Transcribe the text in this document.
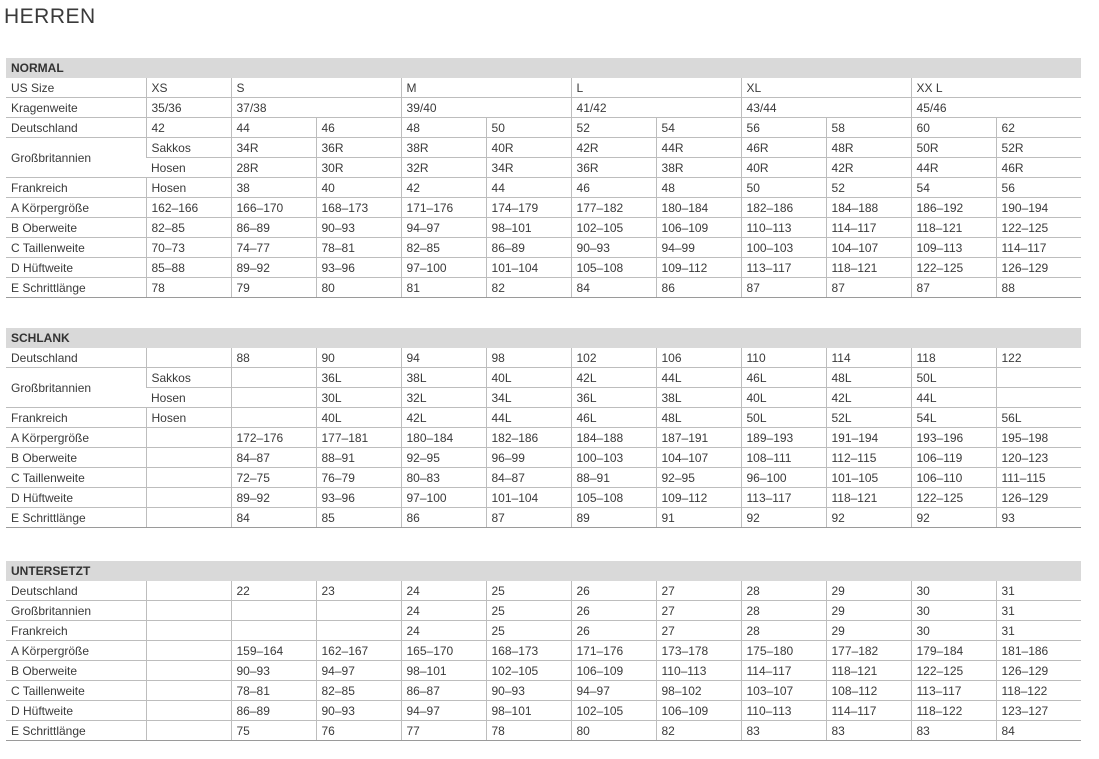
HERREN
NORMAL
US Size	XS	S		M		L		XL		XX L	
Kragenweite	35/36	37/38		39/40		41/42		43/44		45/46	
Deutschland	42	44	46	48	50	52	54	56	58	60	62
Großbritannien	Sakkos	34R	36R	38R	40R	42R	44R	46R	48R	50R	52R
	Hosen	28R	30R	32R	34R	36R	38R	40R	42R	44R	46R
Frankreich	Hosen	38	40	42	44	46	48	50	52	54	56
A Körpergröße	162–166	166–170	168–173	171–176	174–179	177–182	180–184	182–186	184–188	186–192	190–194
B Oberweite	82–85	86–89	90–93	94–97	98–101	102–105	106–109	110–113	114–117	118–121	122–125
C Taillenweite	70–73	74–77	78–81	82–85	86–89	90–93	94–99	100–103	104–107	109–113	114–117
D Hüftweite	85–88	89–92	93–96	97–100	101–104	105–108	109–112	113–117	118–121	122–125	126–129
E Schrittlänge	78	79	80	81	82	84	86	87	87	87	88
SCHLANK
Deutschland		88	90	94	98	102	106	110	114	118	122
Großbritannien	Sakkos		36L	38L	40L	42L	44L	46L	48L	50L	
	Hosen		30L	32L	34L	36L	38L	40L	42L	44L	
Frankreich	Hosen		40L	42L	44L	46L	48L	50L	52L	54L	56L
A Körpergröße		172–176	177–181	180–184	182–186	184–188	187–191	189–193	191–194	193–196	195–198
B Oberweite		84–87	88–91	92–95	96–99	100–103	104–107	108–111	112–115	106–119	120–123
C Taillenweite		72–75	76–79	80–83	84–87	88–91	92–95	96–100	101–105	106–110	111–115
D Hüftweite		89–92	93–96	97–100	101–104	105–108	109–112	113–117	118–121	122–125	126–129
E Schrittlänge		84	85	86	87	89	91	92	92	92	93
UNTERSETZT
Deutschland		22	23	24	25	26	27	28	29	30	31
Großbritannien				24	25	26	27	28	29	30	31
Frankreich				24	25	26	27	28	29	30	31
A Körpergröße		159–164	162–167	165–170	168–173	171–176	173–178	175–180	177–182	179–184	181–186
B Oberweite		90–93	94–97	98–101	102–105	106–109	110–113	114–117	118–121	122–125	126–129
C Taillenweite		78–81	82–85	86–87	90–93	94–97	98–102	103–107	108–112	113–117	118–122
D Hüftweite		86–89	90–93	94–97	98–101	102–105	106–109	110–113	114–117	118–122	123–127
E Schrittlänge		75	76	77	78	80	82	83	83	83	84
